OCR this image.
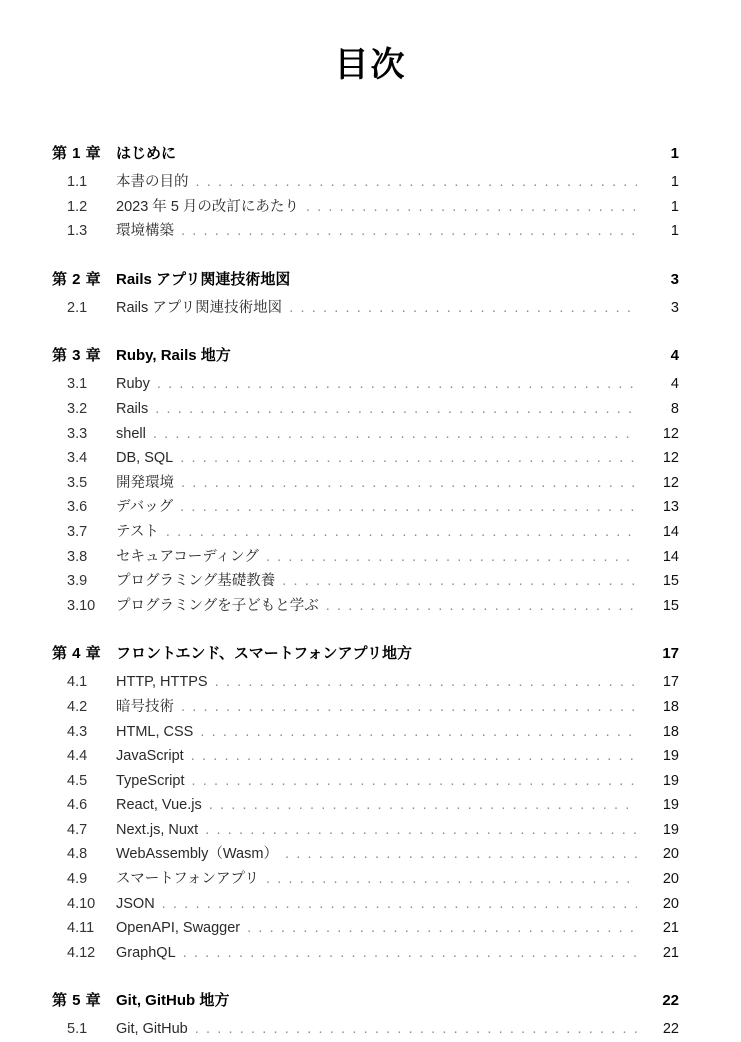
目次
第 1 章 はじめに	1
1.1	本書の目的 . . .	1
1.2	2023 年 5 月の改訂にあたり . . .	1
1.3	環境構築 . . .	1
第 2 章 Rails アプリ関連技術地図	3
2.1	Rails アプリ関連技術地図 . . .	3
第 3 章 Ruby, Rails 地方	4
3.1	Ruby . . .	4
3.2	Rails . . .	8
3.3	shell . . .	12
3.4	DB, SQL . . .	12
3.5	開発環境 . . .	12
3.6	デバッグ . . .	13
3.7	テスト . . .	14
3.8	セキュアコーディング . . .	14
3.9	プログラミング基礎教養 . . .	15
3.10	プログラミングを子どもと学ぶ . . .	15
第 4 章 フロントエンド、スマートフォンアプリ地方	17
4.1	HTTP, HTTPS . . .	17
4.2	暗号技術 . . .	18
4.3	HTML, CSS . . .	18
4.4	JavaScript . . .	19
4.5	TypeScript . . .	19
4.6	React, Vue.js . . .	19
4.7	Next.js, Nuxt . . .	19
4.8	WebAssembly（Wasm） . . .	20
4.9	スマートフォンアプリ . . .	20
4.10	JSON . . .	20
4.11	OpenAPI, Swagger . . .	21
4.12	GraphQL . . .	21
第 5 章 Git, GitHub 地方	22
5.1	Git, GitHub . . .	22
